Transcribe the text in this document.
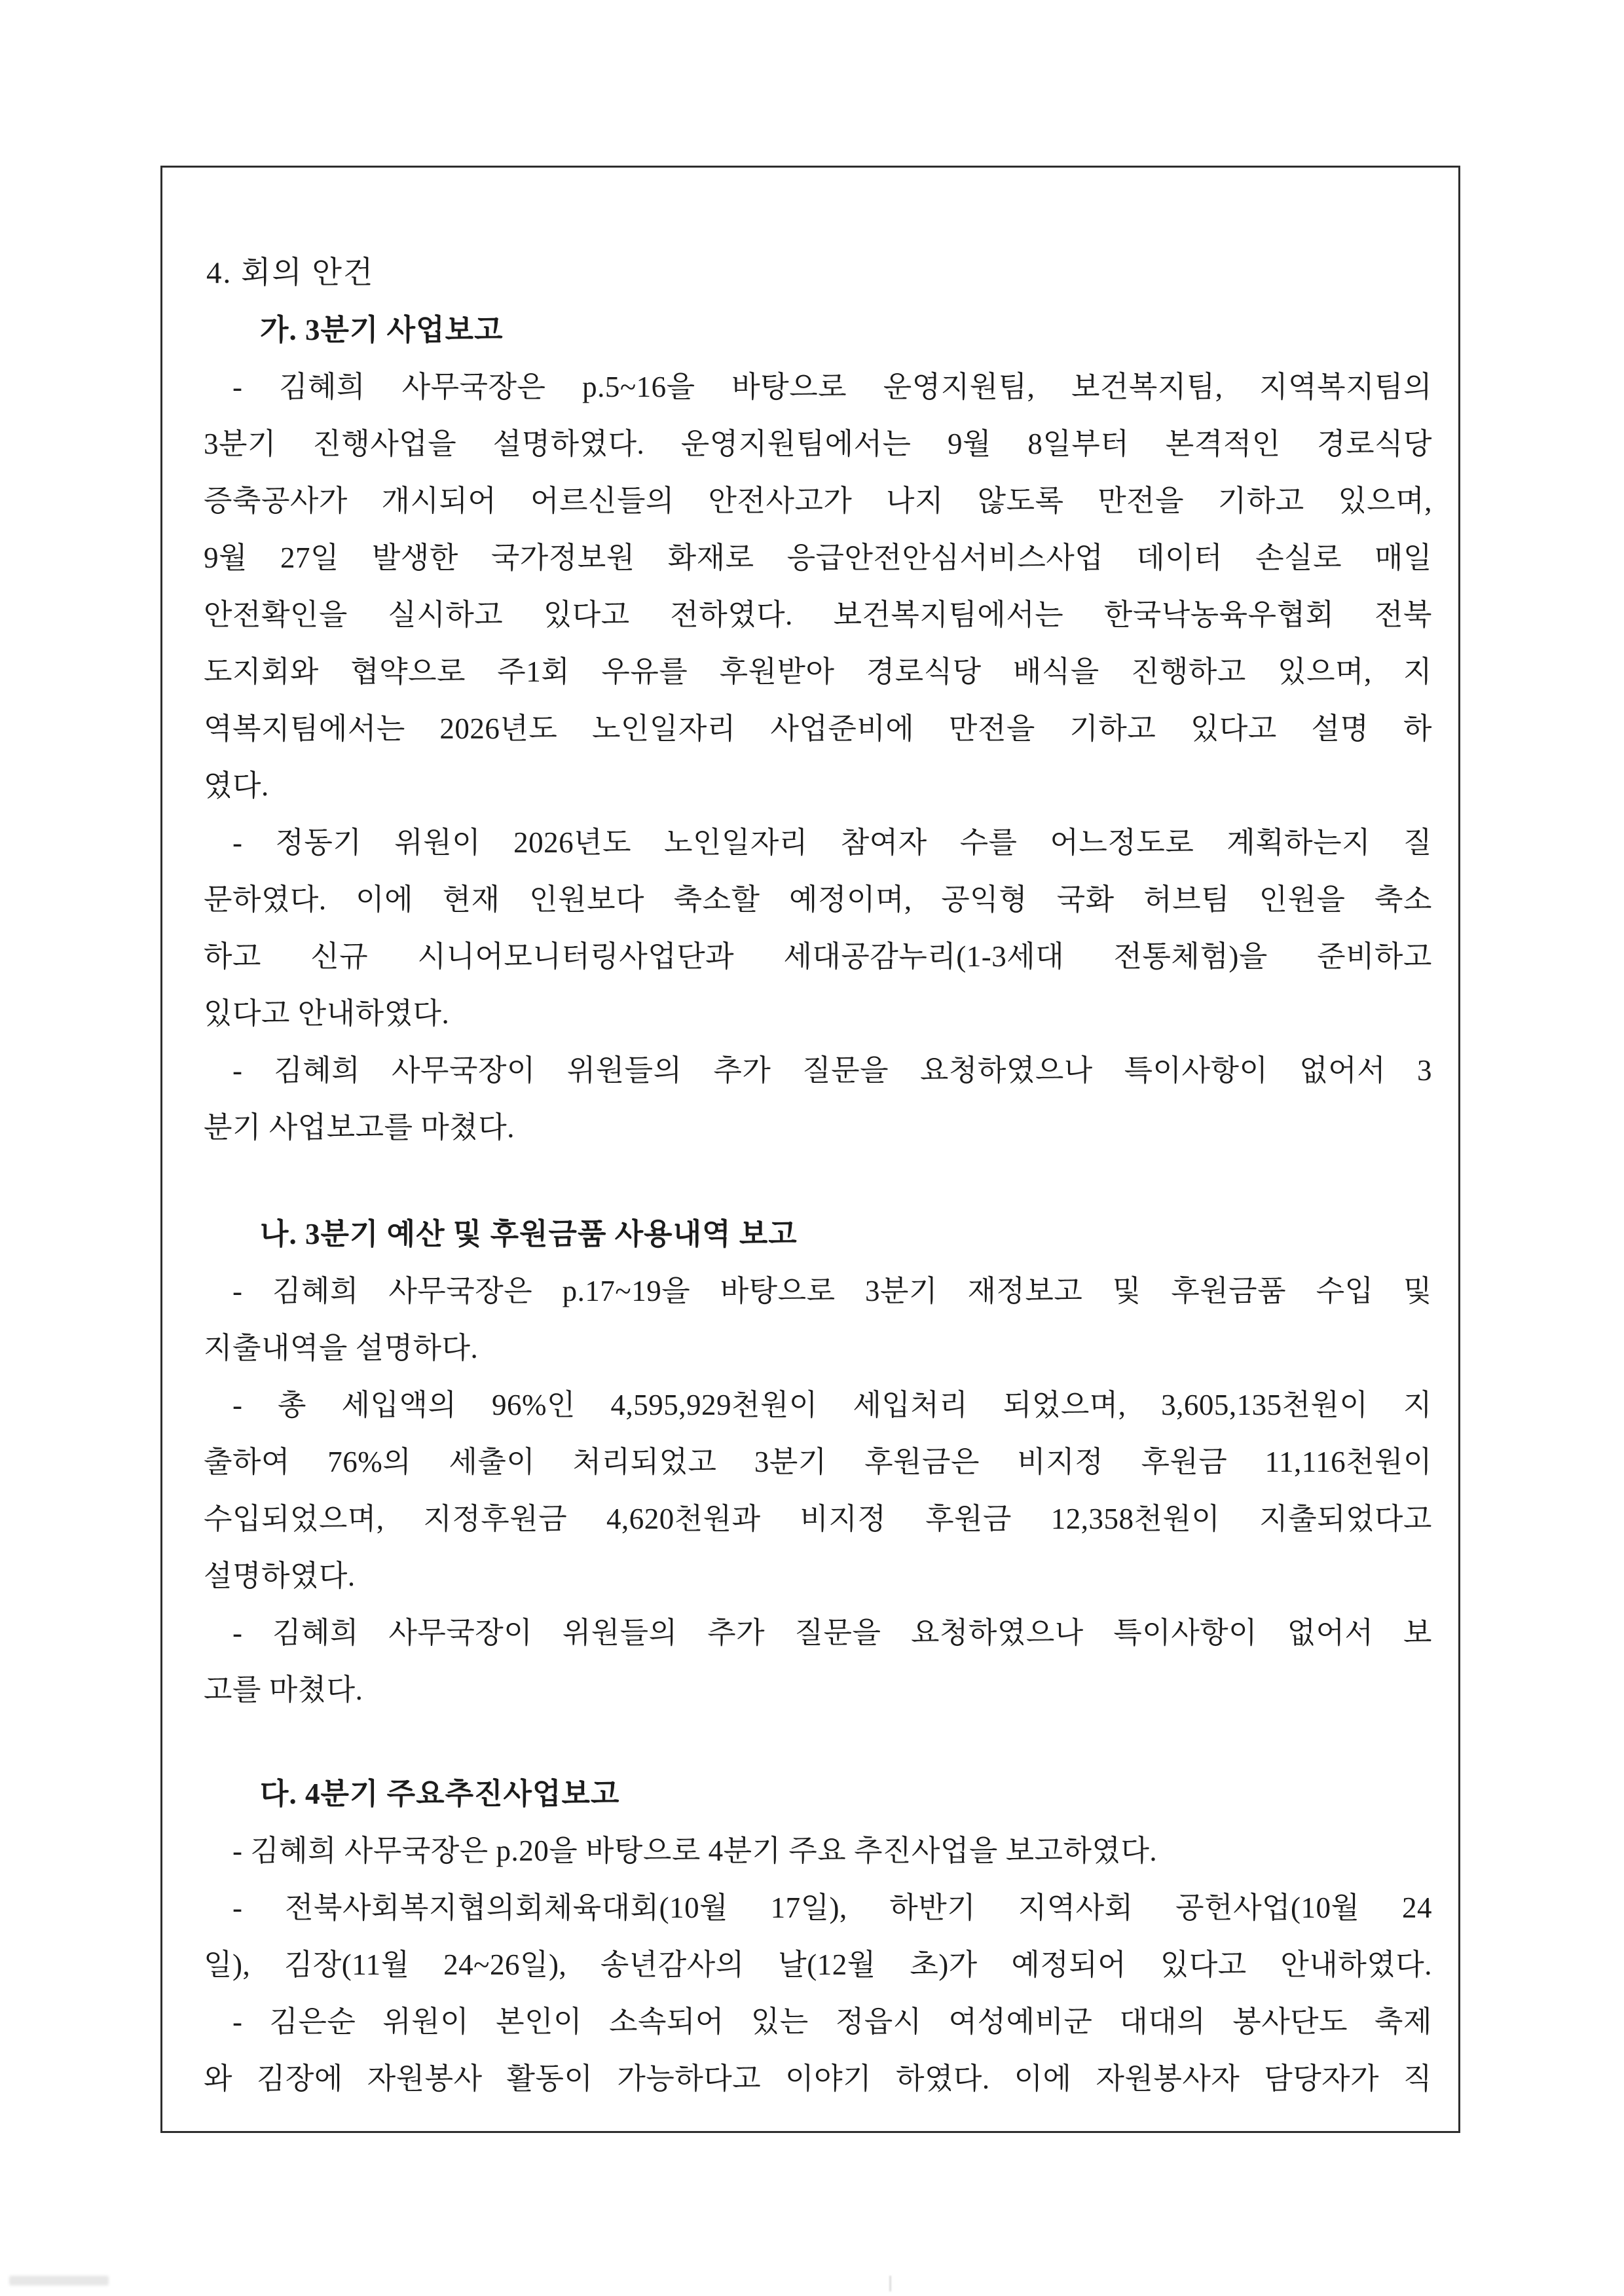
4. 회의 안건
가. 3분기 사업보고
- 김혜희 사무국장은 p.5~16을 바탕으로 운영지원팀, 보건복지팀, 지역복지팀의
3분기 진행사업을 설명하였다. 운영지원팀에서는 9월 8일부터 본격적인 경로식당
증축공사가 개시되어 어르신들의 안전사고가 나지 않도록 만전을 기하고 있으며,
9월 27일 발생한 국가정보원 화재로 응급안전안심서비스사업 데이터 손실로 매일
안전확인을 실시하고 있다고 전하였다. 보건복지팀에서는 한국낙농육우협회 전북
도지회와 협약으로 주1회 우유를 후원받아 경로식당 배식을 진행하고 있으며, 지
역복지팀에서는 2026년도 노인일자리 사업준비에 만전을 기하고 있다고 설명 하
였다.
- 정동기 위원이 2026년도 노인일자리 참여자 수를 어느정도로 계획하는지 질
문하였다. 이에 현재 인원보다 축소할 예정이며, 공익형 국화 허브팀 인원을 축소
하고 신규 시니어모니터링사업단과 세대공감누리(1-3세대 전통체험)을 준비하고
있다고 안내하였다.
- 김혜희 사무국장이 위원들의 추가 질문을 요청하였으나 특이사항이 없어서 3
분기 사업보고를 마쳤다.
나. 3분기 예산 및 후원금품 사용내역 보고
- 김혜희 사무국장은 p.17~19을 바탕으로 3분기 재정보고 및 후원금품 수입 및
지출내역을 설명하다.
- 총 세입액의 96%인 4,595,929천원이 세입처리 되었으며, 3,605,135천원이 지
출하여 76%의 세출이 처리되었고 3분기 후원금은 비지정 후원금 11,116천원이
수입되었으며, 지정후원금 4,620천원과 비지정 후원금 12,358천원이 지출되었다고
설명하였다.
- 김혜희 사무국장이 위원들의 추가 질문을 요청하였으나 특이사항이 없어서 보
고를 마쳤다.
다. 4분기 주요추진사업보고
- 김혜희 사무국장은 p.20을 바탕으로 4분기 주요 추진사업을 보고하였다.
- 전북사회복지협의회체육대회(10월 17일), 하반기 지역사회 공헌사업(10월 24
일), 김장(11월 24~26일), 송년감사의 날(12월 초)가 예정되어 있다고 안내하였다.
- 김은순 위원이 본인이 소속되어 있는 정읍시 여성예비군 대대의 봉사단도 축제
와 김장에 자원봉사 활동이 가능하다고 이야기 하였다. 이에 자원봉사자 담당자가 직
